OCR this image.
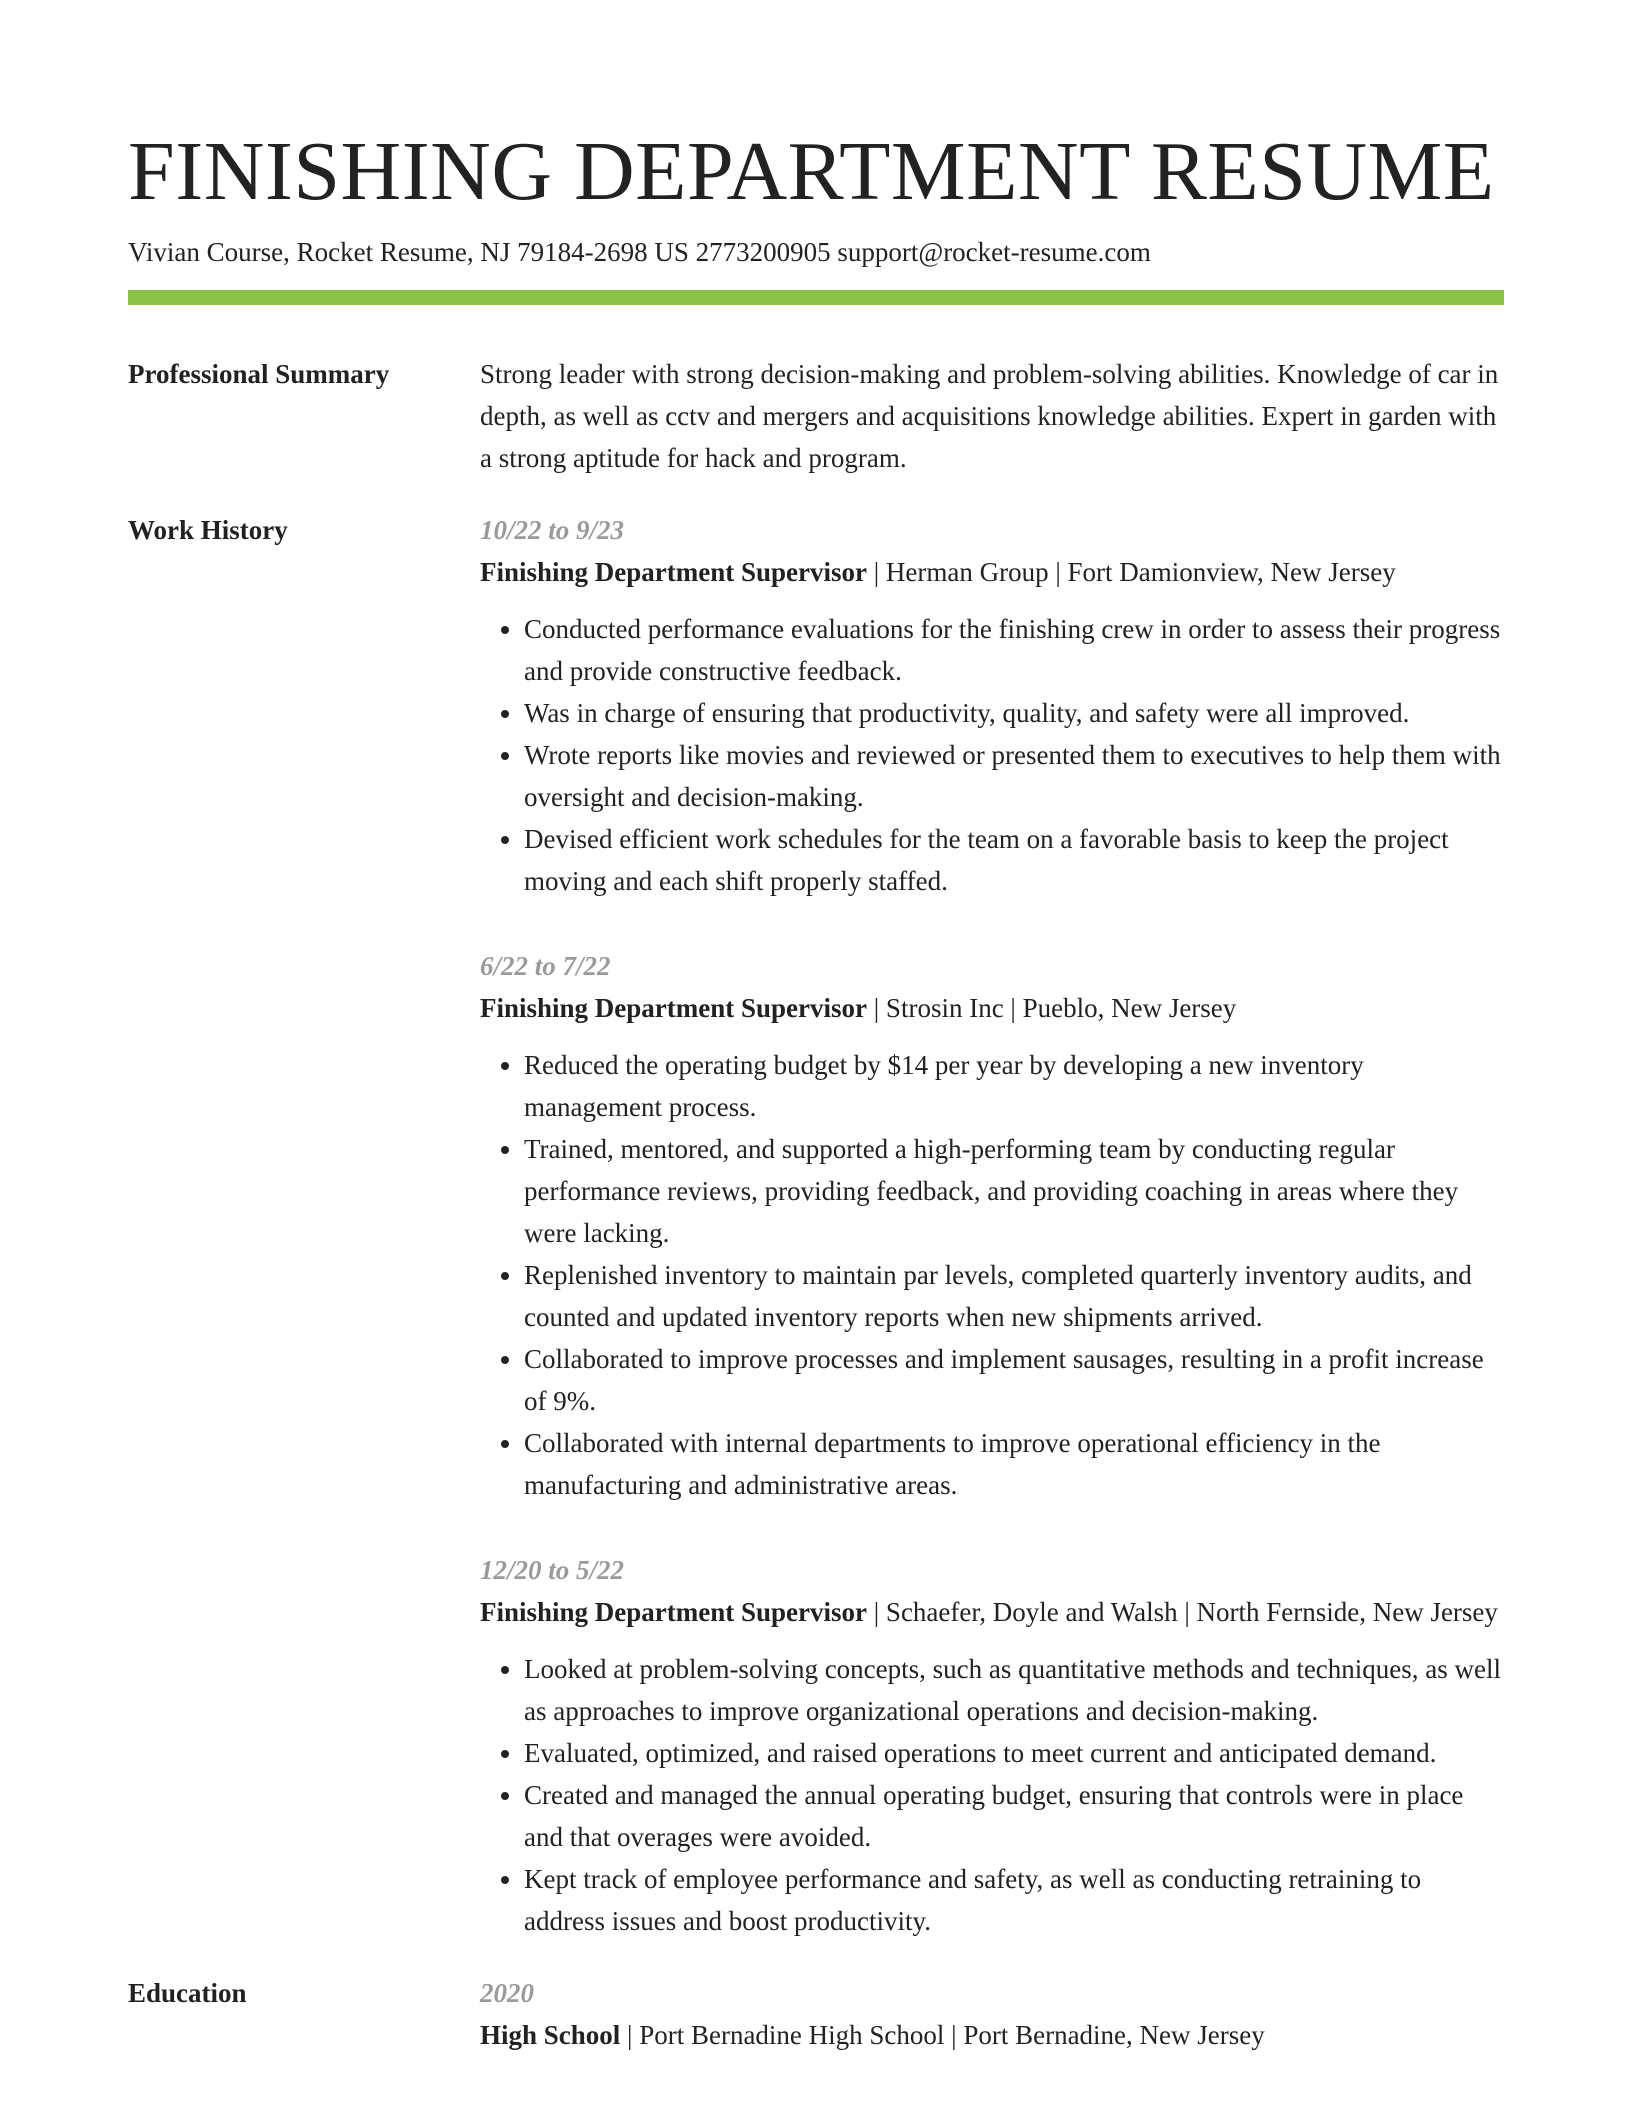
FINISHING DEPARTMENT RESUME
Vivian Course, Rocket Resume, NJ 79184-2698 US 2773200905 support@rocket-resume.com
Professional Summary	Strong leader with strong decision-making and problem-solving abilities. Knowledge of car in depth, as well as cctv and mergers and acquisitions knowledge abilities. Expert in garden with a strong aptitude for hack and program.
Work History	10/22 to 9/23
Finishing Department Supervisor | Herman Group | Fort Damionview, New Jersey
• Conducted performance evaluations for the finishing crew in order to assess their progress and provide constructive feedback.
• Was in charge of ensuring that productivity, quality, and safety were all improved.
• Wrote reports like movies and reviewed or presented them to executives to help them with oversight and decision-making.
• Devised efficient work schedules for the team on a favorable basis to keep the project moving and each shift properly staffed.
6/22 to 7/22
Finishing Department Supervisor | Strosin Inc | Pueblo, New Jersey
• Reduced the operating budget by $14 per year by developing a new inventory management process.
• Trained, mentored, and supported a high-performing team by conducting regular performance reviews, providing feedback, and providing coaching in areas where they were lacking.
• Replenished inventory to maintain par levels, completed quarterly inventory audits, and counted and updated inventory reports when new shipments arrived.
• Collaborated to improve processes and implement sausages, resulting in a profit increase of 9%.
• Collaborated with internal departments to improve operational efficiency in the manufacturing and administrative areas.
12/20 to 5/22
Finishing Department Supervisor | Schaefer, Doyle and Walsh | North Fernside, New Jersey
• Looked at problem-solving concepts, such as quantitative methods and techniques, as well as approaches to improve organizational operations and decision-making.
• Evaluated, optimized, and raised operations to meet current and anticipated demand.
• Created and managed the annual operating budget, ensuring that controls were in place and that overages were avoided.
• Kept track of employee performance and safety, as well as conducting retraining to address issues and boost productivity.
Education	2020
High School | Port Bernadine High School | Port Bernadine, New Jersey
